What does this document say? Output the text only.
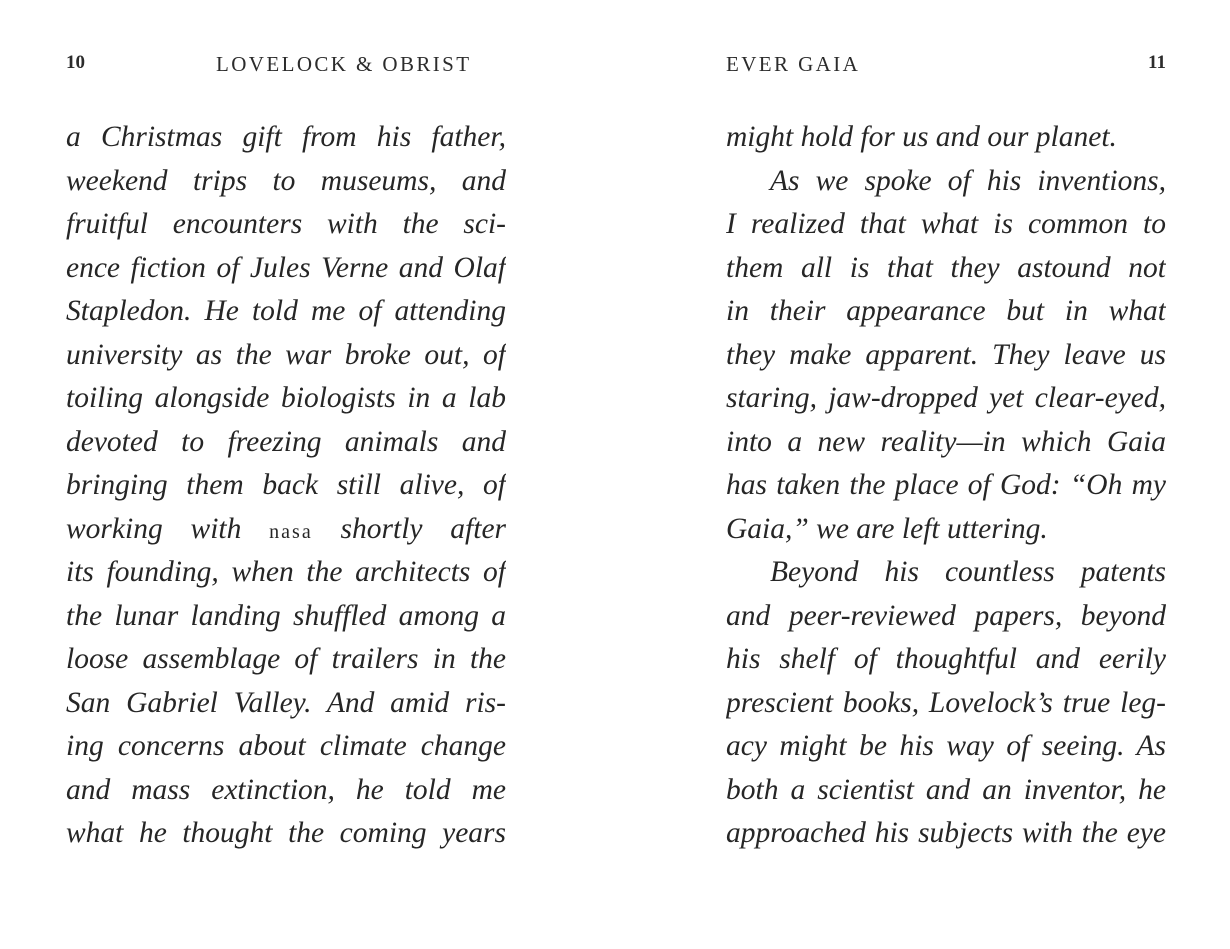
10	LOVELOCK & OBRIST
a Christmas gift from his father,
weekend trips to museums, and
fruitful encounters with the sci-
ence fiction of Jules Verne and Olaf
Stapledon. He told me of attending
university as the war broke out, of
toiling alongside biologists in a lab
devoted to freezing animals and
bringing them back still alive, of
working with nasa shortly after
its founding, when the architects of
the lunar landing shuffled among a
loose assemblage of trailers in the
San Gabriel Valley. And amid ris-
ing concerns about climate change
and mass extinction, he told me
what he thought the coming years
EVER GAIA	11
might hold for us and our planet.
As we spoke of his inventions,
I realized that what is common to
them all is that they astound not
in their appearance but in what
they make apparent. They leave us
staring, jaw-dropped yet clear-eyed,
into a new reality—in which Gaia
has taken the place of God: “Oh my
Gaia,” we are left uttering.
Beyond his countless patents
and peer-reviewed papers, beyond
his shelf of thoughtful and eerily
prescient books, Lovelock’s true leg-
acy might be his way of seeing. As
both a scientist and an inventor, he
approached his subjects with the eye
